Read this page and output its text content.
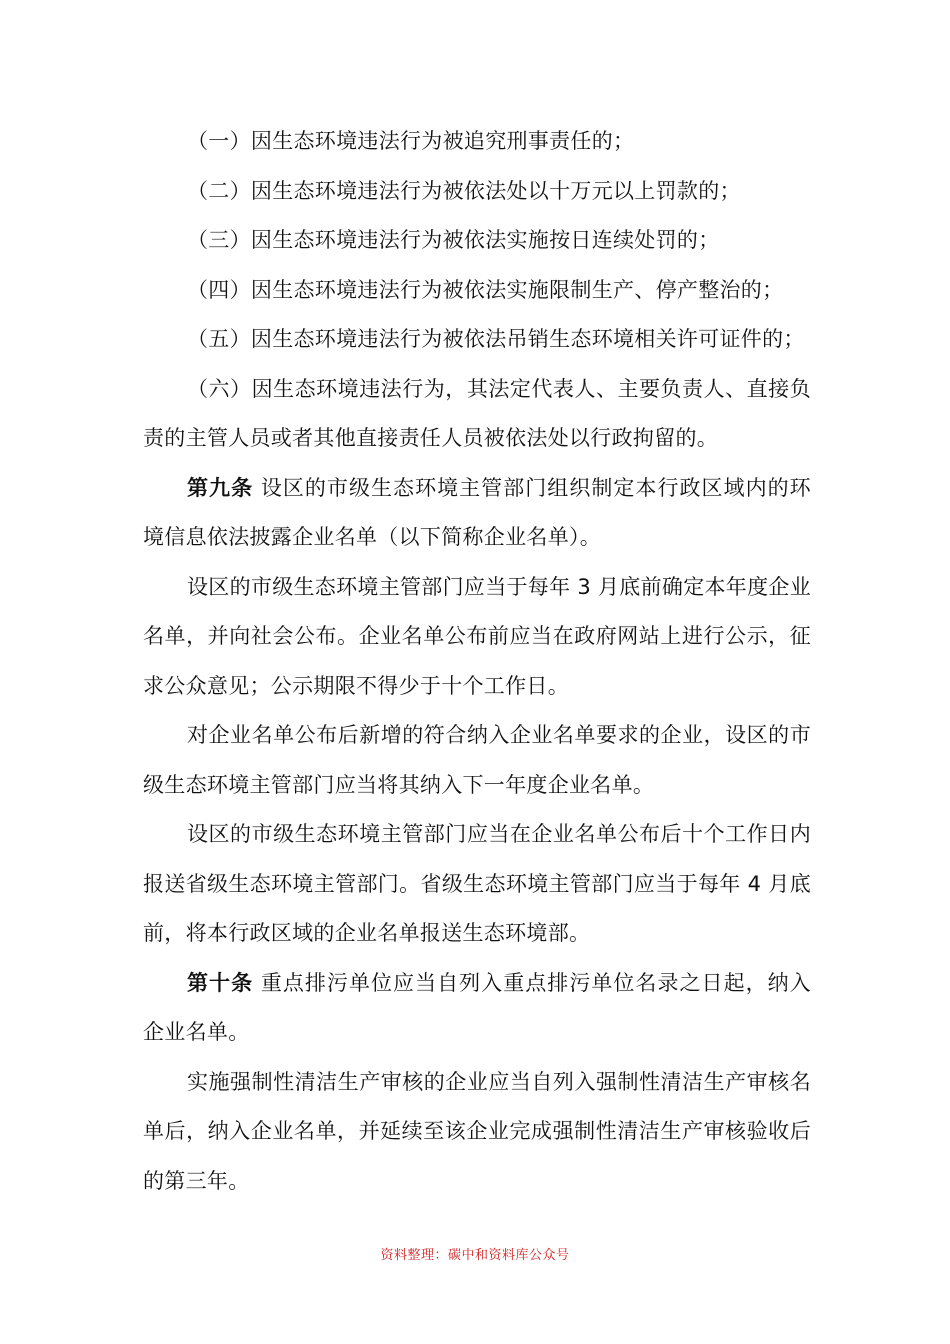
（一）因生态环境违法行为被追究刑事责任的；

（二）因生态环境违法行为被依法处以十万元以上罚款的；

（三）因生态环境违法行为被依法实施按日连续处罚的；

（四）因生态环境违法行为被依法实施限制生产、停产整治的；

（五）因生态环境违法行为被依法吊销生态环境相关许可证件的；

（六）因生态环境违法行为，其法定代表人、主要负责人、直接负责的主管人员或者其他直接责任人员被依法处以行政拘留的。

第九条 设区的市级生态环境主管部门组织制定本行政区域内的环境信息依法披露企业名单（以下简称企业名单）。

设区的市级生态环境主管部门应当于每年 3 月底前确定本年度企业名单，并向社会公布。企业名单公布前应当在政府网站上进行公示，征求公众意见；公示期限不得少于十个工作日。

对企业名单公布后新增的符合纳入企业名单要求的企业，设区的市级生态环境主管部门应当将其纳入下一年度企业名单。

设区的市级生态环境主管部门应当在企业名单公布后十个工作日内报送省级生态环境主管部门。省级生态环境主管部门应当于每年 4 月底前，将本行政区域的企业名单报送生态环境部。

第十条 重点排污单位应当自列入重点排污单位名录之日起，纳入企业名单。

实施强制性清洁生产审核的企业应当自列入强制性清洁生产审核名单后，纳入企业名单，并延续至该企业完成强制性清洁生产审核验收后的第三年。

资料整理：碳中和资料库公众号
